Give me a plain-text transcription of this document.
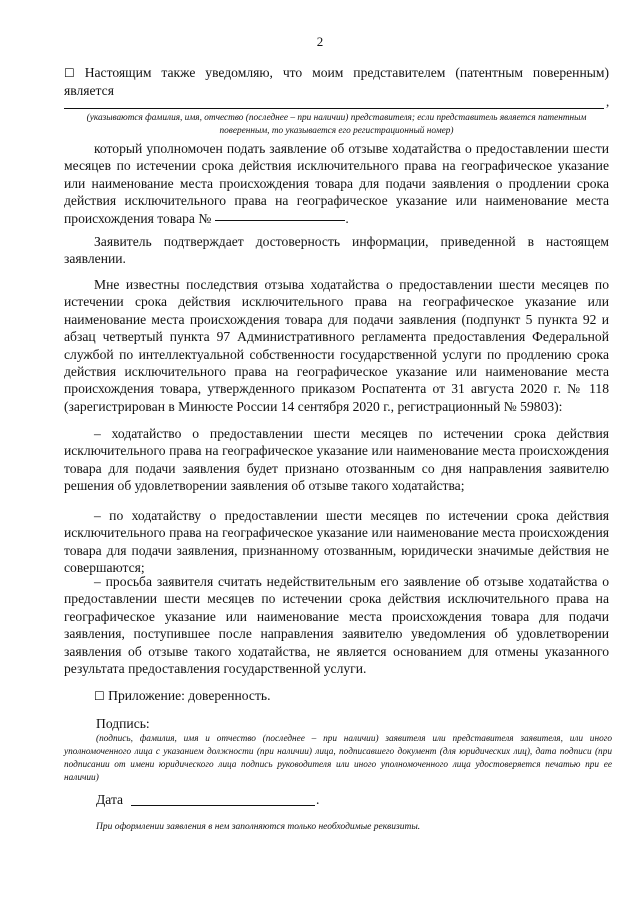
2

☐ Настоящим также уведомляю, что моим представителем (патентным поверенным) является

,

(указываются фамилия, имя, отчество (последнее – при наличии) представителя; если представитель является патентным поверенным, то указывается его регистрационный номер)

который уполномочен подать заявление об отзыве ходатайства о предоставлении шести месяцев по истечении срока действия исключительного права на географическое указание или наименование места происхождения товара для подачи заявления о продлении срока действия исключительного права на географическое указание или наименование места происхождения товара №	.

Заявитель подтверждает достоверность информации, приведенной в настоящем заявлении.

Мне известны последствия отзыва ходатайства о предоставлении шести месяцев по истечении срока действия исключительного права на географическое указание или наименование места происхождения товара для подачи заявления (подпункт 5 пункта 92 и абзац четвертый пункта 97 Административного регламента предоставления Федеральной службой по интеллектуальной собственности государственной услуги по продлению срока действия исключительного права на географическое указание или наименование места происхождения товара, утвержденного приказом Роспатента от 31 августа 2020 г. № 118 (зарегистрирован в Минюсте России 14 сентября 2020 г., регистрационный № 59803):

– ходатайство о предоставлении шести месяцев по истечении срока действия исключительного права на географическое указание или наименование места происхождения товара для подачи заявления будет признано отозванным со дня направления заявителю решения об удовлетворении заявления об отзыве такого ходатайства;

– по ходатайству о предоставлении шести месяцев по истечении срока действия исключительного права на географическое указание или наименование места происхождения товара для подачи заявления, признанному отозванным, юридически значимые действия не совершаются;

– просьба заявителя считать недействительным его заявление об отзыве ходатайства о предоставлении шести месяцев по истечении срока действия исключительного права на географическое указание или наименование места происхождения товара для подачи заявления, поступившее после направления заявителю уведомления об удовлетворении заявления об отзыве такого ходатайства, не является основанием для отмены указанного результата предоставления государственной услуги.

☐ Приложение: доверенность.

Подпись:

(подпись, фамилия, имя и отчество (последнее – при наличии) заявителя или представителя заявителя, или иного уполномоченного лица с указанием должности (при наличии) лица, подписавшего документ (для юридических лиц), дата подписи (при подписании от имени юридического лица подпись руководителя или иного уполномоченного лица удостоверяется печатью при ее наличии)

Дата	.
При оформлении заявления в нем заполняются только необходимые реквизиты.
